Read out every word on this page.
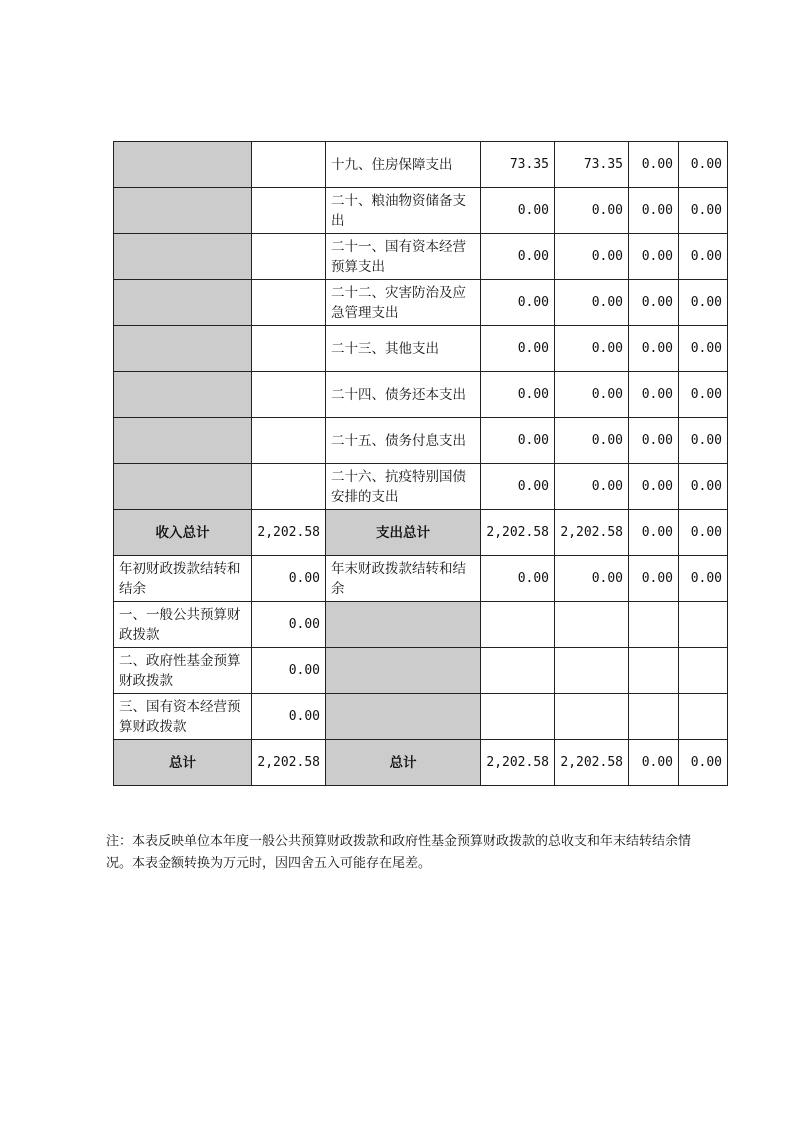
		十九、住房保障支出	73.35	73.35	0.00	0.00
		二十、粮油物资储备支出	0.00	0.00	0.00	0.00
		二十一、国有资本经营预算支出	0.00	0.00	0.00	0.00
		二十二、灾害防治及应急管理支出	0.00	0.00	0.00	0.00
		二十三、其他支出	0.00	0.00	0.00	0.00
		二十四、债务还本支出	0.00	0.00	0.00	0.00
		二十五、债务付息支出	0.00	0.00	0.00	0.00
		二十六、抗疫特别国债安排的支出	0.00	0.00	0.00	0.00
收入总计	2,202.58	支出总计	2,202.58	2,202.58	0.00	0.00
年初财政拨款结转和结余	0.00	年末财政拨款结转和结余	0.00	0.00	0.00	0.00
一、一般公共预算财政拨款	0.00					
二、政府性基金预算财政拨款	0.00					
三、国有资本经营预算财政拨款	0.00					
总计	2,202.58	总计	2,202.58	2,202.58	0.00	0.00
注：本表反映单位本年度一般公共预算财政拨款和政府性基金预算财政拨款的总收支和年末结转结余情况。本表金额转换为万元时，因四舍五入可能存在尾差。
